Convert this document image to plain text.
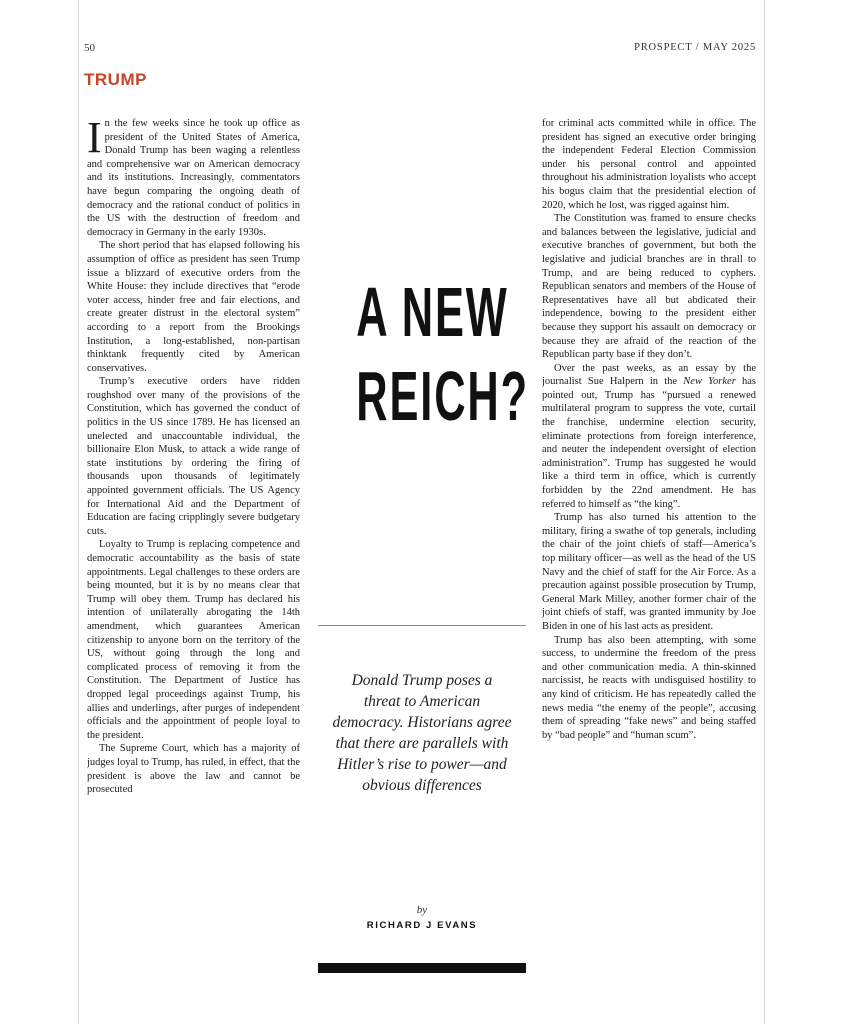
50	PROSPECT / MAY 2025
TRUMP

In the few weeks since he took up office as president of the United States of America, Donald Trump has been waging a relentless and comprehensive war on American democracy and its institutions. Increasingly, commentators have begun comparing the ongoing death of democracy and the rational conduct of politics in the US with the destruction of freedom and democracy in Germany in the early 1930s.

The short period that has elapsed following his assumption of office as president has seen Trump issue a blizzard of executive orders from the White House: they include directives that “erode voter access, hinder free and fair elections, and create greater distrust in the electoral system” according to a report from the Brookings Institution, a long-established, non-partisan thinktank frequently cited by American conservatives.

Trump’s executive orders have ridden roughshod over many of the provisions of the Constitution, which has governed the conduct of politics in the US since 1789. He has licensed an unelected and unaccountable individual, the billionaire Elon Musk, to attack a wide range of state institutions by ordering the firing of thousands upon thousands of legitimately appointed government officials. The US Agency for International Aid and the Department of Education are facing cripplingly severe budgetary cuts.

Loyalty to Trump is replacing competence and democratic accountability as the basis of state appointments. Legal challenges to these orders are being mounted, but it is by no means clear that Trump will obey them. Trump has declared his intention of unilaterally abrogating the 14th amendment, which guarantees American citizenship to anyone born on the territory of the US, without going through the long and complicated process of removing it from the Constitution. The Department of Justice has dropped legal proceedings against Trump, his allies and underlings, after purges of independent officials and the appointment of people loyal to the president.

The Supreme Court, which has a majority of judges loyal to Trump, has ruled, in effect, that the president is above the law and cannot be prosecuted

A NEW
REICH?
Donald Trump poses a threat to American democracy. Historians agree that there are parallels with Hitler’s rise to power—and obvious differences
by
RICHARD J EVANS

for criminal acts committed while in office. The president has signed an executive order bringing the independent Federal Election Commission under his personal control and appointed throughout his administration loyalists who accept his bogus claim that the presidential election of 2020, which he lost, was rigged against him.

The Constitution was framed to ensure checks and balances between the legislative, judicial and executive branches of government, but both the legislative and judicial branches are in thrall to Trump, and are being reduced to cyphers. Republican senators and members of the House of Representatives have all but abdicated their independence, bowing to the president either because they support his assault on democracy or because they are afraid of the reaction of the Republican party base if they don’t.

Over the past weeks, as an essay by the journalist Sue Halpern in the New Yorker has pointed out, Trump has “pursued a renewed multilateral program to suppress the vote, curtail the franchise, undermine election security, eliminate protections from foreign interference, and neuter the independent oversight of election administration”. Trump has suggested he would like a third term in office, which is currently forbidden by the 22nd amendment. He has referred to himself as “the king”.

Trump has also turned his attention to the military, firing a swathe of top generals, including the chair of the joint chiefs of staff—America’s top military officer—as well as the head of the US Navy and the chief of staff for the Air Force. As a precaution against possible prosecution by Trump, General Mark Milley, another former chair of the joint chiefs of staff, was granted immunity by Joe Biden in one of his last acts as president.

Trump has also been attempting, with some success, to undermine the freedom of the press and other communication media. A thin-skinned narcissist, he reacts with undisguised hostility to any kind of criticism. He has repeatedly called the news media “the enemy of the people”, accusing them of spreading “fake news” and being staffed by “bad people” and “human scum”.
